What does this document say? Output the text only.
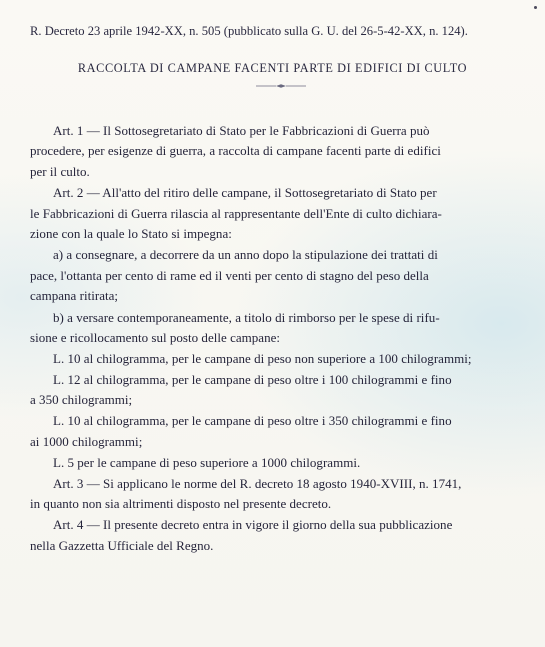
R. Decreto 23 aprile 1942-XX, n. 505 (pubblicato sulla G. U. del 26-5-42-XX, n. 124).
RACCOLTA DI CAMPANE FACENTI PARTE DI EDIFICI DI CULTO
Art. 1 — Il Sottosegretariato di Stato per le Fabbricazioni di Guerra può
procedere, per esigenze di guerra, a raccolta di campane facenti parte di edifici
per il culto.
Art. 2 — All'atto del ritiro delle campane, il Sottosegretariato di Stato per
le Fabbricazioni di Guerra rilascia al rappresentante dell'Ente di culto dichiara-
zione con la quale lo Stato si impegna:
a) a consegnare, a decorrere da un anno dopo la stipulazione dei trattati di
pace, l'ottanta per cento di rame ed il venti per cento di stagno del peso della
campana ritirata;
b) a versare contemporaneamente, a titolo di rimborso per le spese di rifu-
sione e ricollocamento sul posto delle campane:
L. 10 al chilogramma, per le campane di peso non superiore a 100 chilogrammi;
L. 12 al chilogramma, per le campane di peso oltre i 100 chilogrammi e fino
a 350 chilogrammi;
L. 10 al chilogramma, per le campane di peso oltre i 350 chilogrammi e fino
ai 1000 chilogrammi;
L. 5 per le campane di peso superiore a 1000 chilogrammi.
Art. 3 — Si applicano le norme del R. decreto 18 agosto 1940-XVIII, n. 1741,
in quanto non sia altrimenti disposto nel presente decreto.
Art. 4 — Il presente decreto entra in vigore il giorno della sua pubblicazione
nella Gazzetta Ufficiale del Regno.
